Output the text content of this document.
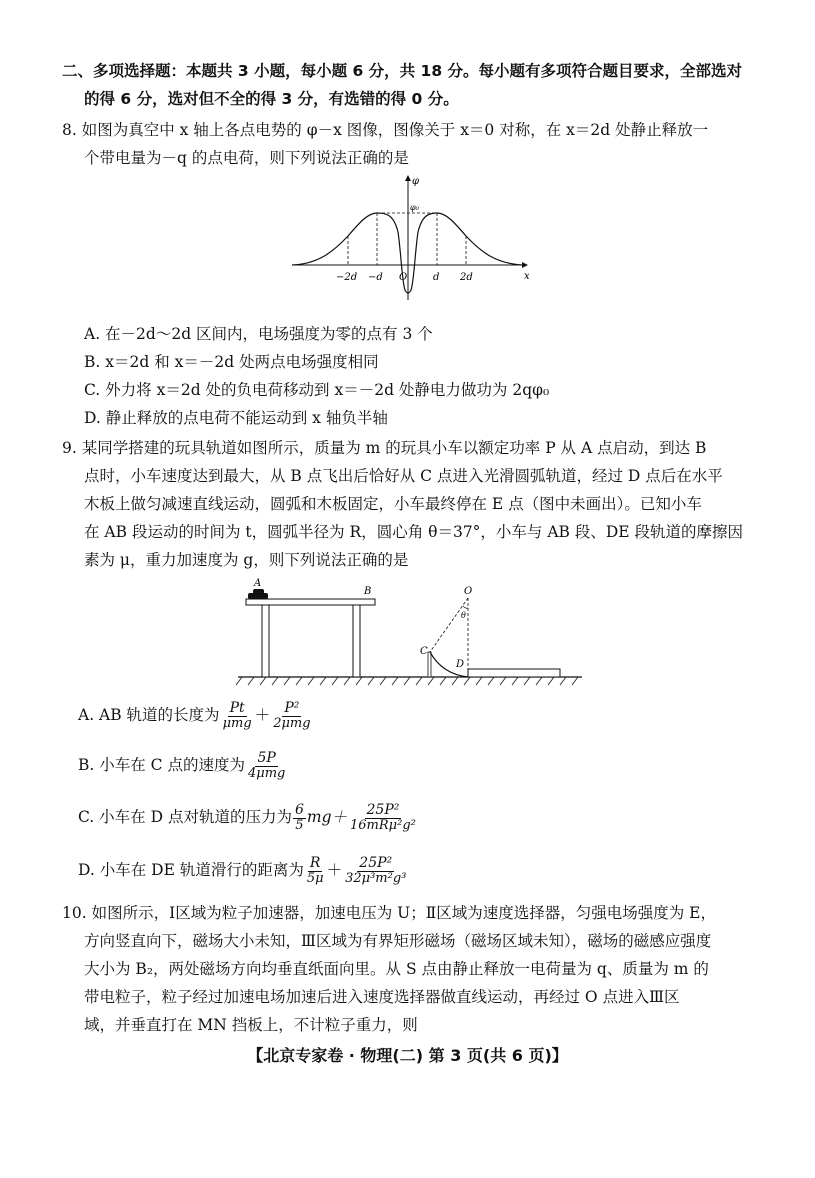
二、多项选择题：本题共 3 小题，每小题 6 分，共 18 分。每小题有多项符合题目要求，全部选对
的得 6 分，选对但不全的得 3 分，有选错的得 0 分。
8. 如图为真空中 x 轴上各点电势的 φ－x 图像，图像关于 x＝0 对称，在 x＝2d 处静止释放一
个带电量为－q 的点电荷，则下列说法正确的是
φ
x
φ₀
−2d −d O	d 2d
A. 在－2d～2d 区间内，电场强度为零的点有 3 个
B. x＝2d 和 x＝－2d 处两点电场强度相同
C. 外力将 x＝2d 处的负电荷移动到 x＝－2d 处静电力做功为 2qφ₀
D. 静止释放的点电荷不能运动到 x 轴负半轴
9. 某同学搭建的玩具轨道如图所示，质量为 m 的玩具小车以额定功率 P 从 A 点启动，到达 B
点时，小车速度达到最大，从 B 点飞出后恰好从 C 点进入光滑圆弧轨道，经过 D 点后在水平
木板上做匀减速直线运动，圆弧和木板固定，小车最终停在 E 点（图中未画出）。已知小车
在 AB 段运动的时间为 t，圆弧半径为 R，圆心角 θ＝37°，小车与 AB 段、DE 段轨道的摩擦因
素为 μ，重力加速度为 g，则下列说法正确的是
A
B	O
θ
C
D
A. AB 轨道的长度为 $\frac{Pt}{\text{μmg}} + \frac{\text{P²}}{\text{2μmg}}$
B. 小车在 C 点的速度为 $\frac{5P}{\text{4μmg}}$
C. 小车在 D 点对轨道的压力为 $\frac{6}{5} mg+ \frac{\text{25P²}}{\text{16mRμ²g²}}$
D. 小车在 DE 轨道滑行的距离为 $\frac{R}{5\mu} + \frac{\text{25P²}}{\text{32μ³m²g³}}$
10. 如图所示，Ⅰ区域为粒子加速器，加速电压为 U；Ⅱ区域为速度选择器，匀强电场强度为 E，
方向竖直向下，磁场大小未知，Ⅲ区域为有界矩形磁场（磁场区域未知），磁场的磁感应强度
大小为 B₂，两处磁场方向均垂直纸面向里。从 S 点由静止释放一电荷量为 q、质量为 m 的
带电粒子，粒子经过加速电场加速后进入速度选择器做直线运动，再经过 O 点进入Ⅲ区
域，并垂直打在 MN 挡板上，不计粒子重力，则
【北京专家卷 · 物理(二) 第 3 页(共 6 页)】
